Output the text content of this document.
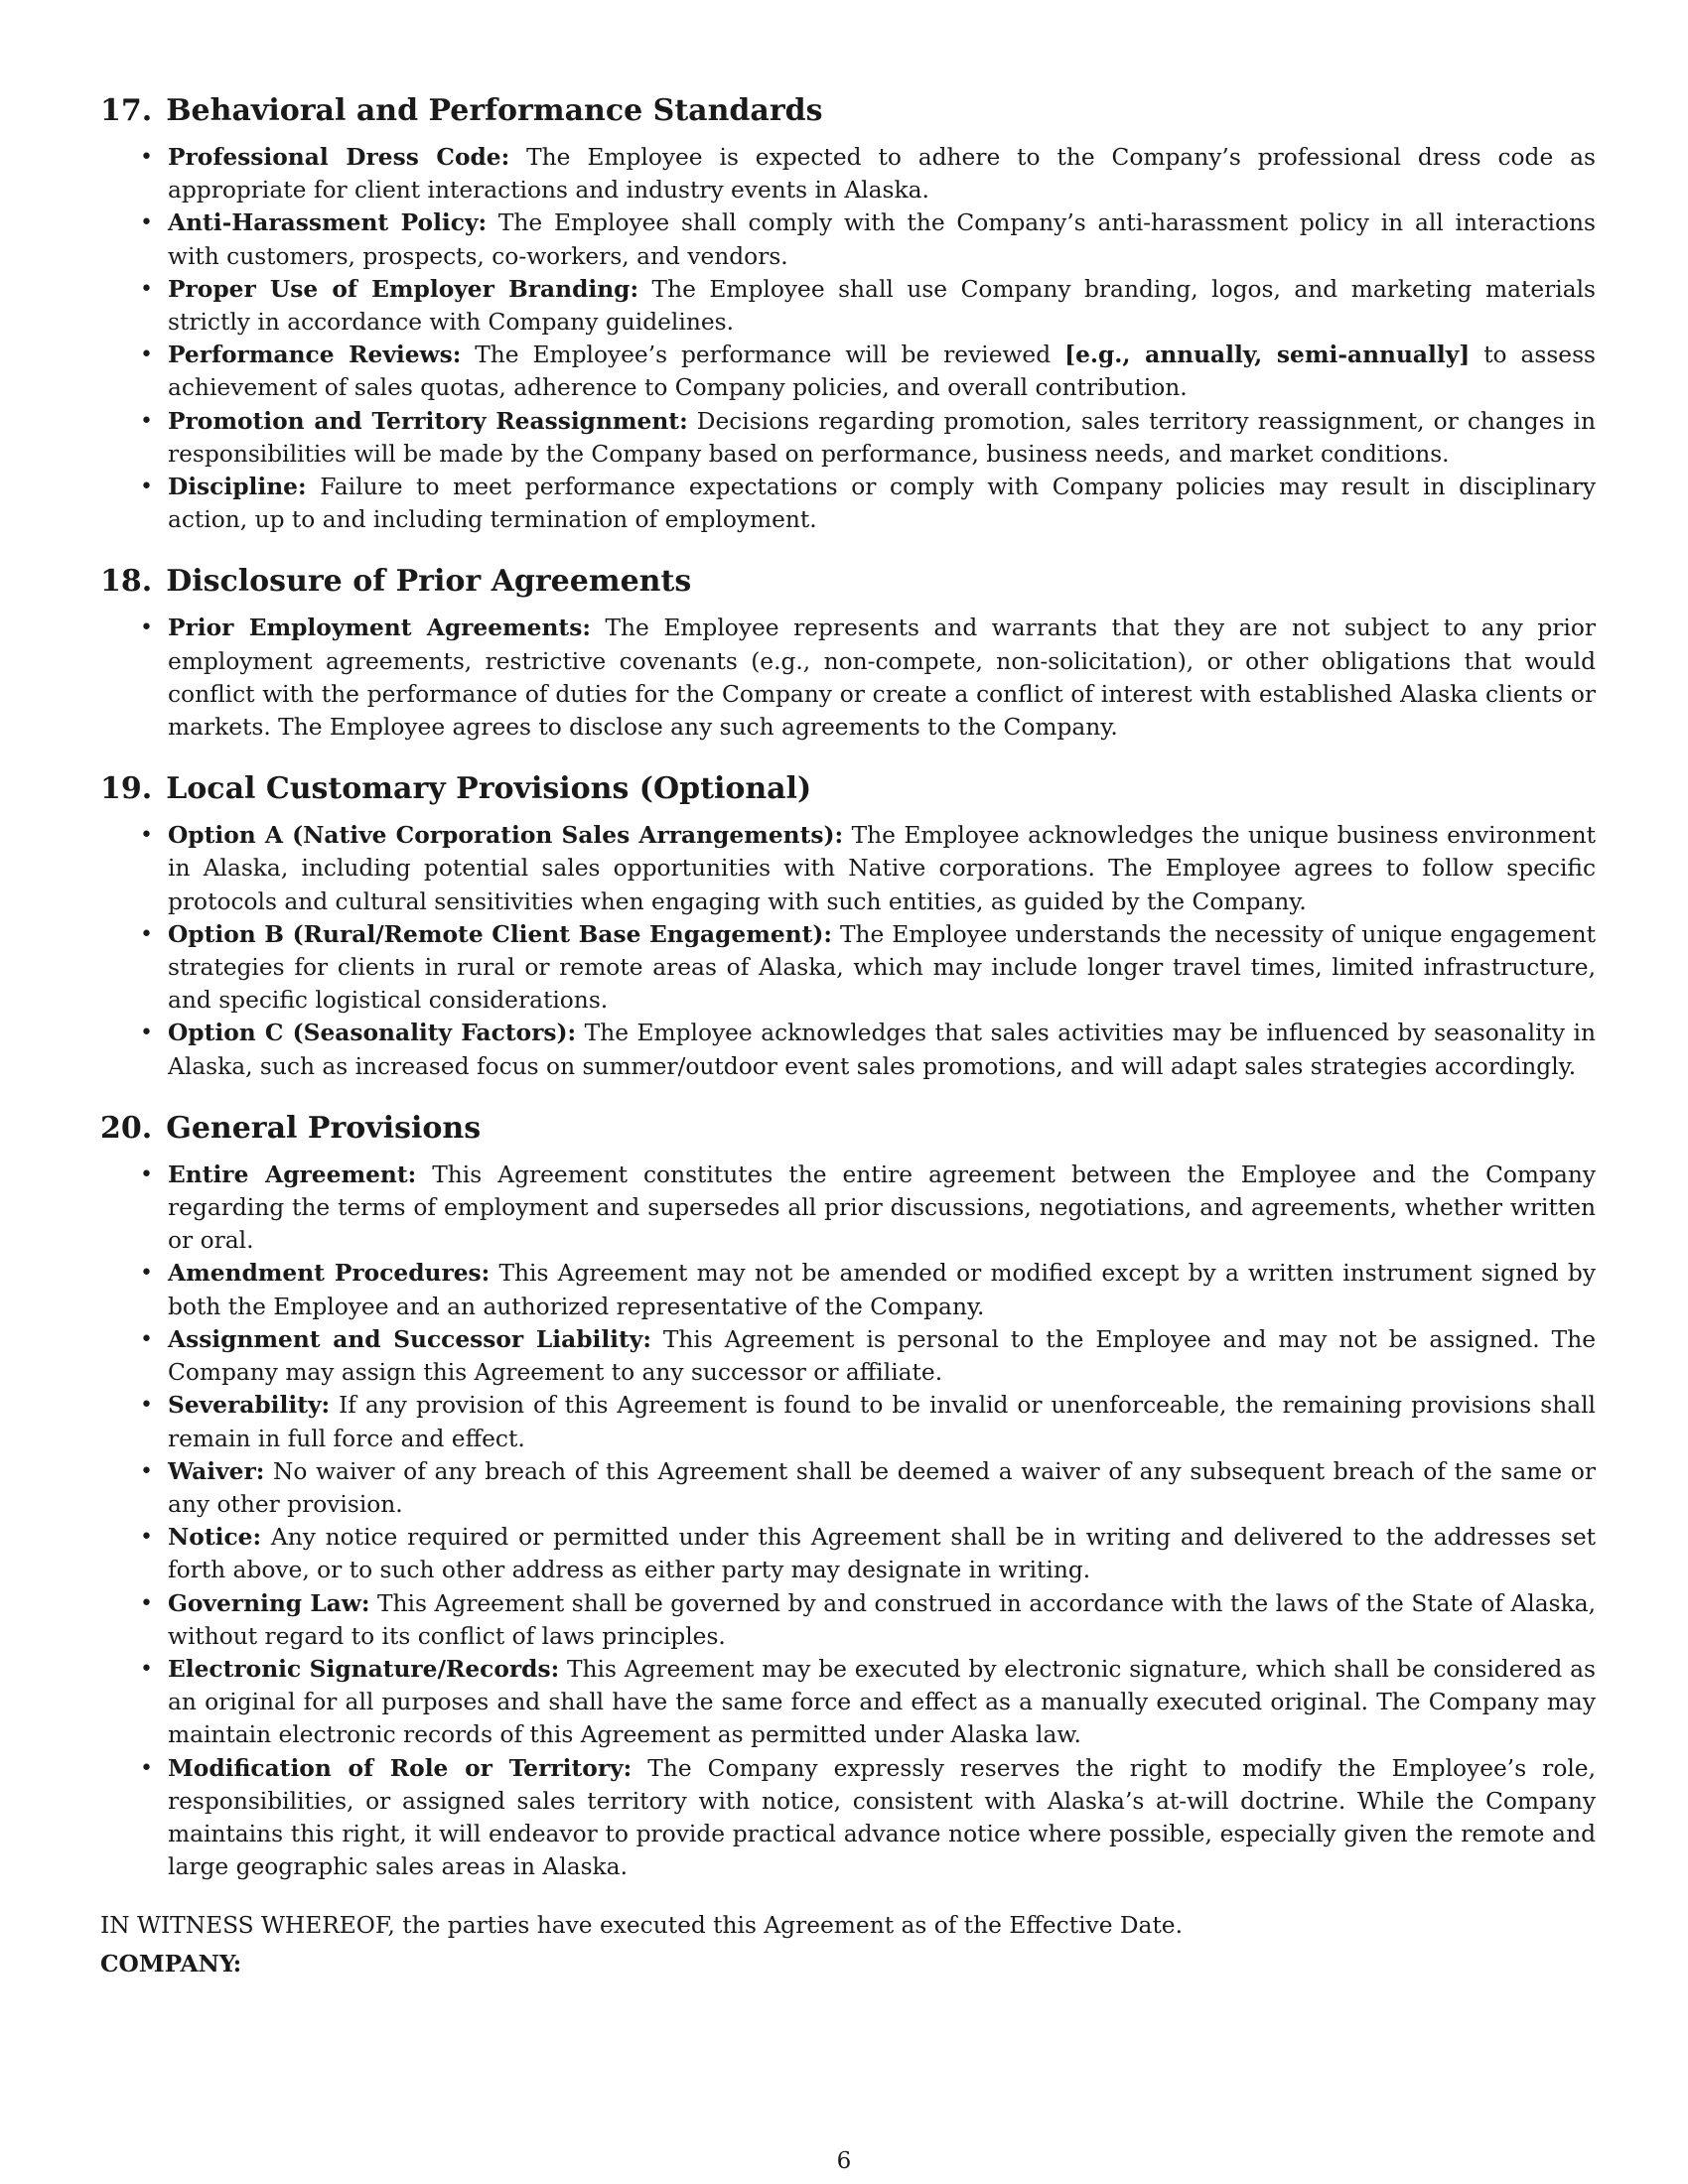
17. Behavioral and Performance Standards
• Professional Dress Code: The Employee is expected to adhere to the Company’s professional dress code as appropriate for client interactions and industry events in Alaska.
• Anti-Harassment Policy: The Employee shall comply with the Company’s anti-harassment policy in all interactions with customers, prospects, co-workers, and vendors.
• Proper Use of Employer Branding: The Employee shall use Company branding, logos, and marketing materials strictly in accordance with Company guidelines.
• Performance Reviews: The Employee’s performance will be reviewed [e.g., annually, semi-annually] to assess achievement of sales quotas, adherence to Company policies, and overall contribution.
• Promotion and Territory Reassignment: Decisions regarding promotion, sales territory reassignment, or changes in responsibilities will be made by the Company based on performance, business needs, and market conditions.
• Discipline: Failure to meet performance expectations or comply with Company policies may result in disciplinary action, up to and including termination of employment.
18. Disclosure of Prior Agreements
• Prior Employment Agreements: The Employee represents and warrants that they are not subject to any prior employment agreements, restrictive covenants (e.g., non-compete, non-solicitation), or other obligations that would conflict with the performance of duties for the Company or create a conflict of interest with established Alaska clients or markets. The Employee agrees to disclose any such agreements to the Company.
19. Local Customary Provisions (Optional)
• Option A (Native Corporation Sales Arrangements): The Employee acknowledges the unique business environment in Alaska, including potential sales opportunities with Native corporations. The Employee agrees to follow specific protocols and cultural sensitivities when engaging with such entities, as guided by the Company.
• Option B (Rural/Remote Client Base Engagement): The Employee understands the necessity of unique engagement strategies for clients in rural or remote areas of Alaska, which may include longer travel times, limited infrastructure, and specific logistical considerations.
• Option C (Seasonality Factors): The Employee acknowledges that sales activities may be influenced by seasonality in Alaska, such as increased focus on summer/outdoor event sales promotions, and will adapt sales strategies accordingly.
20. General Provisions
• Entire Agreement: This Agreement constitutes the entire agreement between the Employee and the Company regarding the terms of employment and supersedes all prior discussions, negotiations, and agreements, whether written or oral.
• Amendment Procedures: This Agreement may not be amended or modified except by a written instrument signed by both the Employee and an authorized representative of the Company.
• Assignment and Successor Liability: This Agreement is personal to the Employee and may not be assigned. The Company may assign this Agreement to any successor or affiliate.
• Severability: If any provision of this Agreement is found to be invalid or unenforceable, the remaining provisions shall remain in full force and effect.
• Waiver: No waiver of any breach of this Agreement shall be deemed a waiver of any subsequent breach of the same or any other provision.
• Notice: Any notice required or permitted under this Agreement shall be in writing and delivered to the addresses set forth above, or to such other address as either party may designate in writing.
• Governing Law: This Agreement shall be governed by and construed in accordance with the laws of the State of Alaska, without regard to its conflict of laws principles.
• Electronic Signature/Records: This Agreement may be executed by electronic signature, which shall be considered as an original for all purposes and shall have the same force and effect as a manually executed original. The Company may maintain electronic records of this Agreement as permitted under Alaska law.
• Modification of Role or Territory: The Company expressly reserves the right to modify the Employee’s role, responsibilities, or assigned sales territory with notice, consistent with Alaska’s at-will doctrine. While the Company maintains this right, it will endeavor to provide practical advance notice where possible, especially given the remote and large geographic sales areas in Alaska.
IN WITNESS WHEREOF, the parties have executed this Agreement as of the Effective Date.
COMPANY:
6
